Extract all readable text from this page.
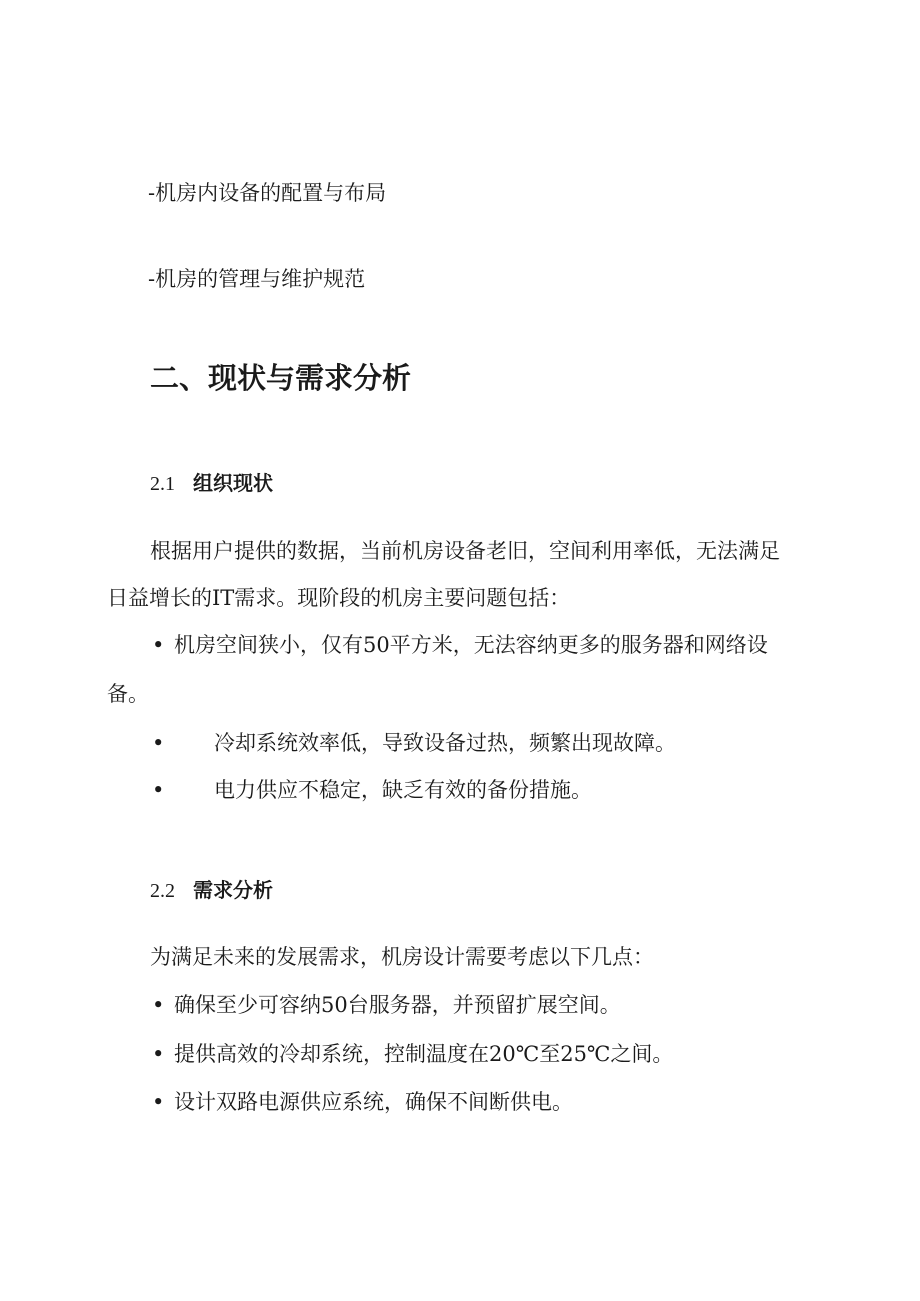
-机房内设备的配置与布局
-机房的管理与维护规范
二、现状与需求分析
2.1 组织现状
根据用户提供的数据，当前机房设备老旧，空间利用率低，无法满足
日益增长的IT需求。现阶段的机房主要问题包括：
• 机房空间狭小，仅有50平方米，无法容纳更多的服务器和网络设
备。
• 冷却系统效率低，导致设备过热，频繁出现故障。
• 电力供应不稳定，缺乏有效的备份措施。
2.2 需求分析
为满足未来的发展需求，机房设计需要考虑以下几点：
• 确保至少可容纳50台服务器，并预留扩展空间。
• 提供高效的冷却系统，控制温度在20℃至25℃之间。
• 设计双路电源供应系统，确保不间断供电。
